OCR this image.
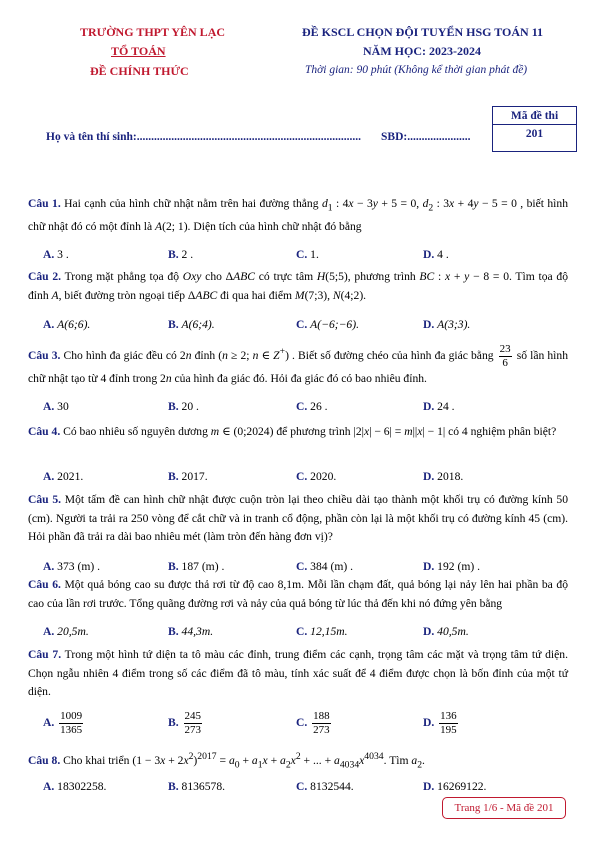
TRƯỜNG THPT YÊN LẠC
TỔ TOÁN
ĐỀ CHÍNH THỨC
ĐỀ KSCL CHỌN ĐỘI TUYỂN HSG TOÁN 11
NĂM HỌC: 2023-2024
Thời gian: 90 phút (Không kể thời gian phát đề)
Mã đề thi
201
Họ và tên thí sinh:.............................................................................. SBD:......................
Câu 1. Hai cạnh của hình chữ nhật nằm trên hai đường thẳng $d_1$ : 4x − 3y + 5 = 0, $d_2$ : 3x + 4y − 5 = 0 , biết hình chữ nhật đó có một đỉnh là A(2; 1). Diện tích của hình chữ nhật đó bằng
A. 3 .	B. 2 .	C. 1.	D. 4 .
Câu 2. Trong mặt phẳng tọa độ Oxy cho ΔABC có trực tâm H(5;5), phương trình BC : x + y − 8 = 0. Tìm tọa độ đỉnh A, biết đường tròn ngoại tiếp ΔABC đi qua hai điểm M(7;3), N(4;2).
A. A(6;6).	B. A(6;4).	C. A(−6;−6).	D. A(3;3).
Câu 3. Cho hình đa giác đều có 2n đỉnh (n ≥ 2; n ∈ Z+) . Biết số đường chéo của hình đa giác bằng $\frac{23}{6}$ số lần hình chữ nhật tạo từ 4 đỉnh trong 2n của hình đa giác đó. Hỏi đa giác đó có bao nhiêu đỉnh.
A. 30	B. 20 .	C. 26 .	D. 24 .
Câu 4. Có bao nhiêu số nguyên dương m ∈ (0;2024) để phương trình |2|x| − 6| = m||x| − 1| có 4 nghiệm phân biệt?
A. 2021.	B. 2017.	C. 2020.	D. 2018.
Câu 5. Một tấm đề can hình chữ nhật được cuộn tròn lại theo chiều dài tạo thành một khối trụ có đường kính 50 (cm). Người ta trải ra 250 vòng để cắt chữ và in tranh cổ động, phần còn lại là một khối trụ có đường kính 45 (cm). Hỏi phần đã trải ra dài bao nhiêu mét (làm tròn đến hàng đơn vị)?
A. 373 (m) .	B. 187 (m) .	C. 384 (m) .	D. 192 (m) .
Câu 6. Một quả bóng cao su được thả rơi từ độ cao 8,1m. Mỗi lần chạm đất, quả bóng lại nảy lên hai phần ba độ cao của lần rơi trước. Tổng quãng đường rơi và nảy của quả bóng từ lúc thả đến khi nó đứng yên bằng
A. 20,5m.	B. 44,3m.	C. 12,15m.	D. 40,5m.
Câu 7. Trong một hình tứ diện ta tô màu các đỉnh, trung điểm các cạnh, trọng tâm các mặt và trọng tâm tứ diện. Chọn ngẫu nhiên 4 điểm trong số các điểm đã tô màu, tính xác suất để 4 điểm được chọn là bốn đỉnh của một tứ diện.
A. $\frac{1009}{1365}$	B. $\frac{245}{273}$	C. $\frac{188}{273}$	D. $\frac{136}{195}$
Câu 8. Cho khai triển $(1 - 3x + 2x^2)^{2017} = a_0 + a_1x + a_2x^2$ + ... + $a_{4034}x^{4034}$. Tìm $a_2$.
A. 18302258.	B. 8136578.	C. 8132544.	D. 16269122.
Trang 1/6 - Mã đề 201
